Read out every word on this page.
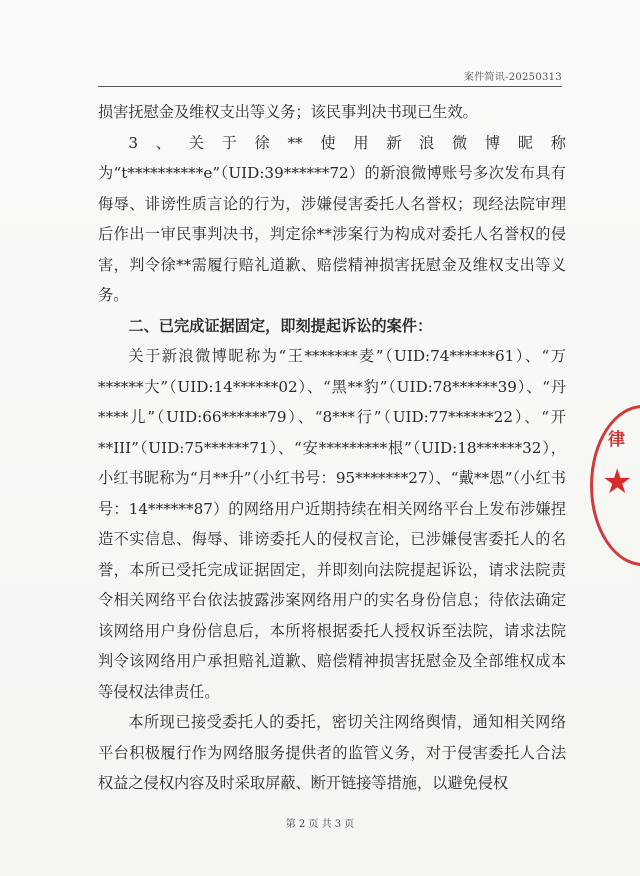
案件简讯-20250313

损害抚慰金及维权支出等义务；该民事判决书现已生效。

3、关于徐**使用新浪微博昵称为“t**********e”（UID:39******72）的新浪微博账号多次发布具有侮辱、诽谤性质言论的行为，涉嫌侵害委托人名誉权；现经法院审理后作出一审民事判决书，判定徐**涉案行为构成对委托人名誉权的侵害，判令徐**需履行赔礼道歉、赔偿精神损害抚慰金及维权支出等义务。

二、已完成证据固定，即刻提起诉讼的案件：

关于新浪微博昵称为“王*******麦”（UID:74******61）、“万******大”（UID:14******02）、“黑**豹”（UID:78******39）、“丹****儿”（UID:66******79）、“8***行”（UID:77******22）、“开**III”（UID:75******71）、“安*********根”（UID:18******32），小红书昵称为“月**升”（小红书号：95*******27）、“戴**恩”（小红书号：14******87）的网络用户近期持续在相关网络平台上发布涉嫌捏造不实信息、侮辱、诽谤委托人的侵权言论，已涉嫌侵害委托人的名誉，本所已受托完成证据固定，并即刻向法院提起诉讼，请求法院责令相关网络平台依法披露涉案网络用户的实名身份信息；待依法确定该网络用户身份信息后，本所将根据委托人授权诉至法院，请求法院判令该网络用户承担赔礼道歉、赔偿精神损害抚慰金及全部维权成本等侵权法律责任。

本所现已接受委托人的委托，密切关注网络舆情，通知相关网络平台积极履行作为网络服务提供者的监管义务，对于侵害委托人合法权益之侵权内容及时采取屏蔽、断开链接等措施，以避免侵权

律
★
第 2 页 共 3 页
